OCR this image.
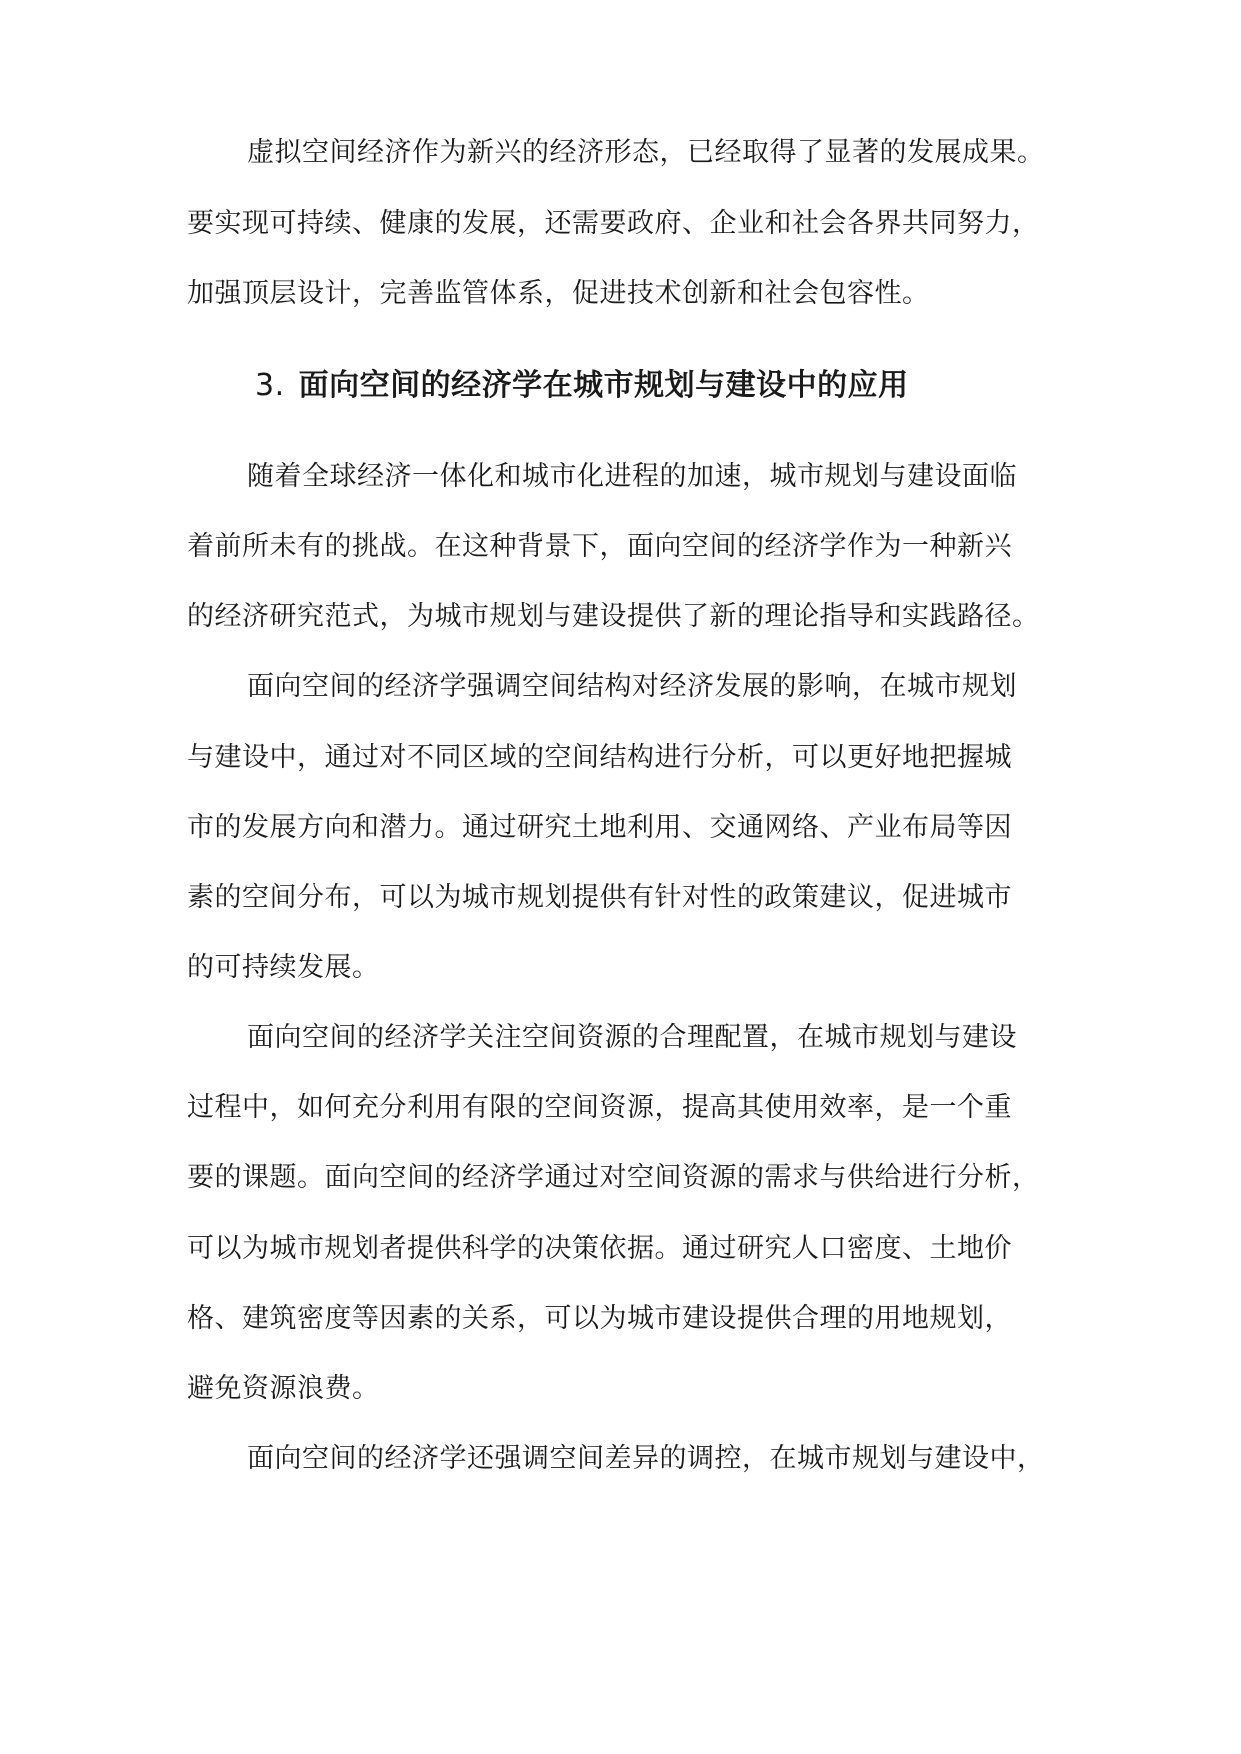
虚拟空间经济作为新兴的经济形态，已经取得了显著的发展成果。
要实现可持续、健康的发展，还需要政府、企业和社会各界共同努力，
加强顶层设计，完善监管体系，促进技术创新和社会包容性。
3. 面向空间的经济学在城市规划与建设中的应用
随着全球经济一体化和城市化进程的加速，城市规划与建设面临
着前所未有的挑战。在这种背景下，面向空间的经济学作为一种新兴
的经济研究范式，为城市规划与建设提供了新的理论指导和实践路径。
面向空间的经济学强调空间结构对经济发展的影响，在城市规划
与建设中，通过对不同区域的空间结构进行分析，可以更好地把握城
市的发展方向和潜力。通过研究土地利用、交通网络、产业布局等因
素的空间分布，可以为城市规划提供有针对性的政策建议，促进城市
的可持续发展。
面向空间的经济学关注空间资源的合理配置，在城市规划与建设
过程中，如何充分利用有限的空间资源，提高其使用效率，是一个重
要的课题。面向空间的经济学通过对空间资源的需求与供给进行分析，
可以为城市规划者提供科学的决策依据。通过研究人口密度、土地价
格、建筑密度等因素的关系，可以为城市建设提供合理的用地规划，
避免资源浪费。
面向空间的经济学还强调空间差异的调控，在城市规划与建设中，
